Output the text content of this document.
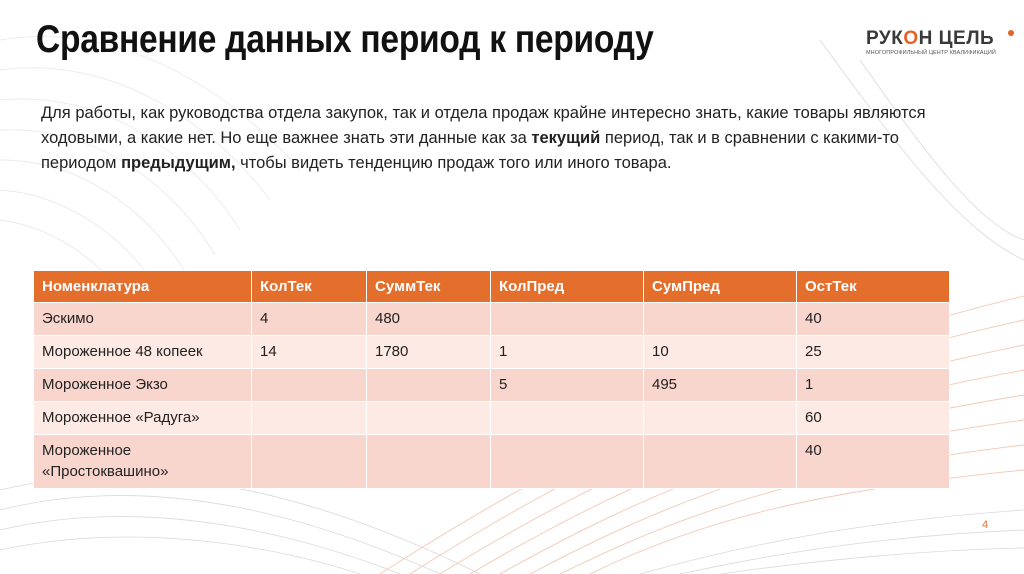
Сравнение данных период к периоду	РУКOН ЦЕЛЬ
МНОГОПРОФИЛЬНЫЙ ЦЕНТР КВАЛИФИКАЦИЙ
Для работы, как руководства отдела закупок, так и отдела продаж крайне интересно знать, какие товары являются ходовыми, а какие нет. Но еще важнее знать эти данные как за текущий период, так и в сравнении с какими-то периодом предыдущим, чтобы видеть тенденцию продаж того или иного товара.
Номенклатура	КолТек	СуммТек	КолПред	СумПред	ОстТек
Эскимо	4	480			40
Мороженное 48 копеек	14	1780	1	10	25
Мороженное Экзо			5	495	1
Мороженное «Радуга»					60
Мороженное «Простоквашино»					40
4
